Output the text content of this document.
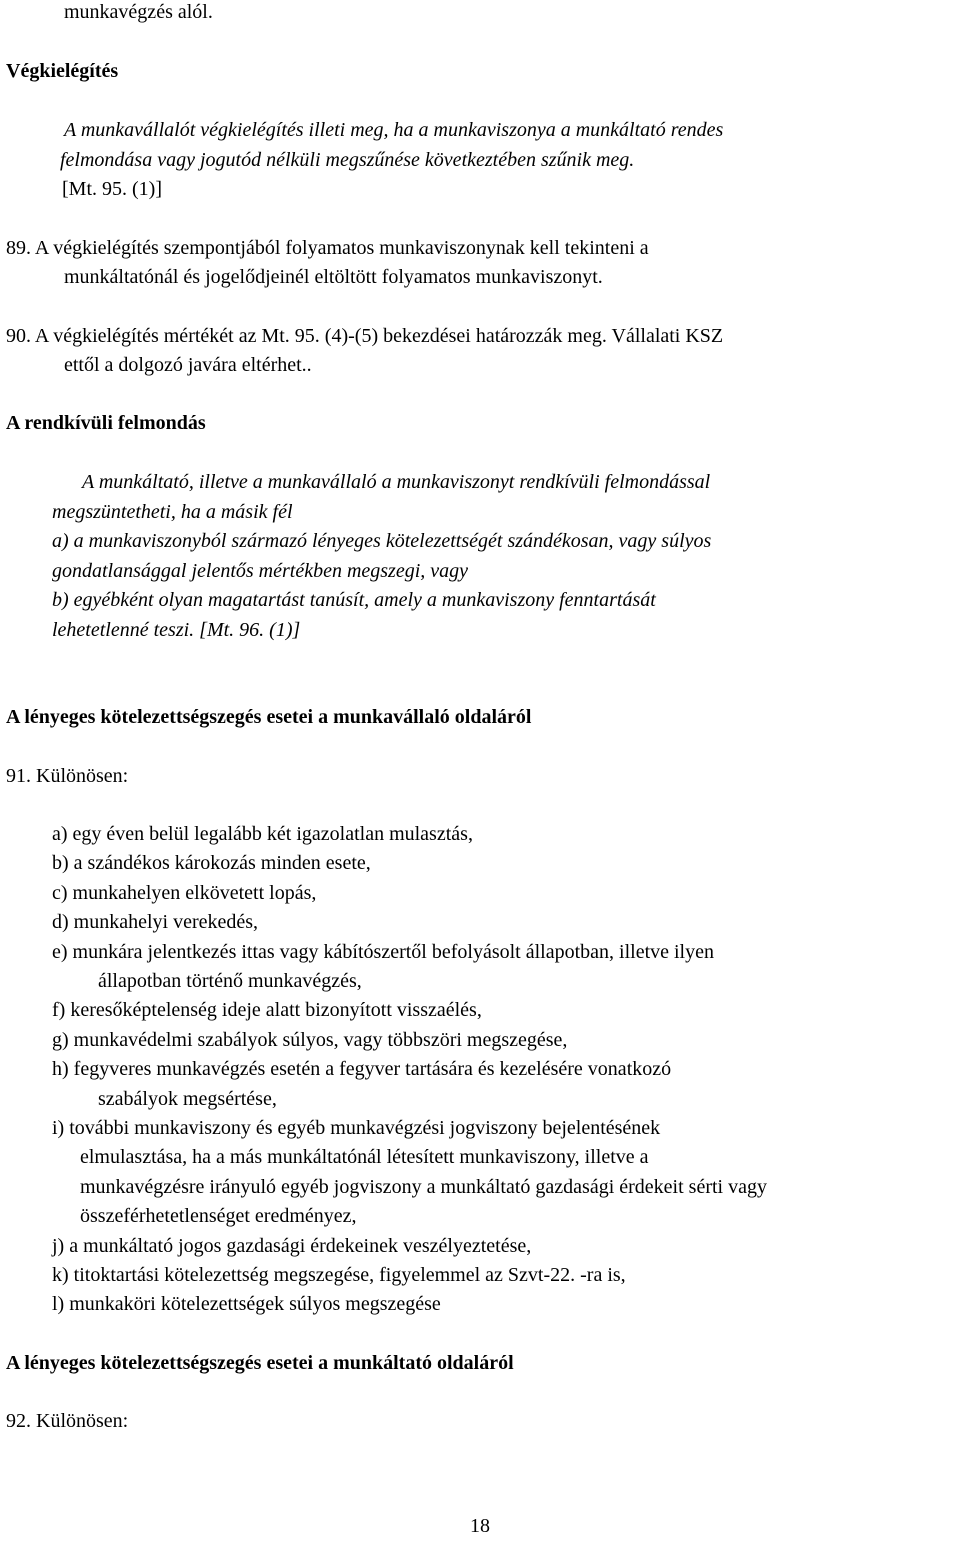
munkavégzés alól.
Végkielégítés
A munkavállalót végkielégítés illeti meg, ha a munkaviszonya a munkáltató rendes
felmondása vagy jogutód nélküli megszűnése következtében szűnik meg.
[Mt. 95. (1)]
89. A végkielégítés szempontjából folyamatos munkaviszonynak kell tekinteni a
munkáltatónál és jogelődjeinél eltöltött folyamatos munkaviszonyt.
90. A végkielégítés mértékét az Mt. 95. (4)-(5) bekezdései határozzák meg. Vállalati KSZ
ettől a dolgozó javára eltérhet..
A rendkívüli felmondás
A munkáltató, illetve a munkavállaló a munkaviszonyt rendkívüli felmondással
megszüntetheti, ha a másik fél
a) a munkaviszonyból származó lényeges kötelezettségét szándékosan, vagy súlyos
gondatlansággal jelentős mértékben megszegi, vagy
b) egyébként olyan magatartást tanúsít, amely a munkaviszony fenntartását
lehetetlenné teszi. [Mt. 96. (1)]
A lényeges kötelezettségszegés esetei a munkavállaló oldaláról
91. Különösen:
a) egy éven belül legalább két igazolatlan mulasztás,
b) a szándékos károkozás minden esete,
c) munkahelyen elkövetett lopás,
d) munkahelyi verekedés,
e) munkára jelentkezés ittas vagy kábítószertől befolyásolt állapotban, illetve ilyen
állapotban történő munkavégzés,
f) keresőképtelenség ideje alatt bizonyított visszaélés,
g) munkavédelmi szabályok súlyos, vagy többszöri megszegése,
h) fegyveres munkavégzés esetén a fegyver tartására és kezelésére vonatkozó
szabályok megsértése,
i) további munkaviszony és egyéb munkavégzési jogviszony bejelentésének
elmulasztása, ha a más munkáltatónál létesített munkaviszony, illetve a
munkavégzésre irányuló egyéb jogviszony a munkáltató gazdasági érdekeit sérti vagy
összeférhetetlenséget eredményez,
j) a munkáltató jogos gazdasági érdekeinek veszélyeztetése,
k) titoktartási kötelezettség megszegése, figyelemmel az Szvt-22. -ra is,
l) munkaköri kötelezettségek súlyos megszegése
A lényeges kötelezettségszegés esetei a munkáltató oldaláról
92. Különösen:
18
